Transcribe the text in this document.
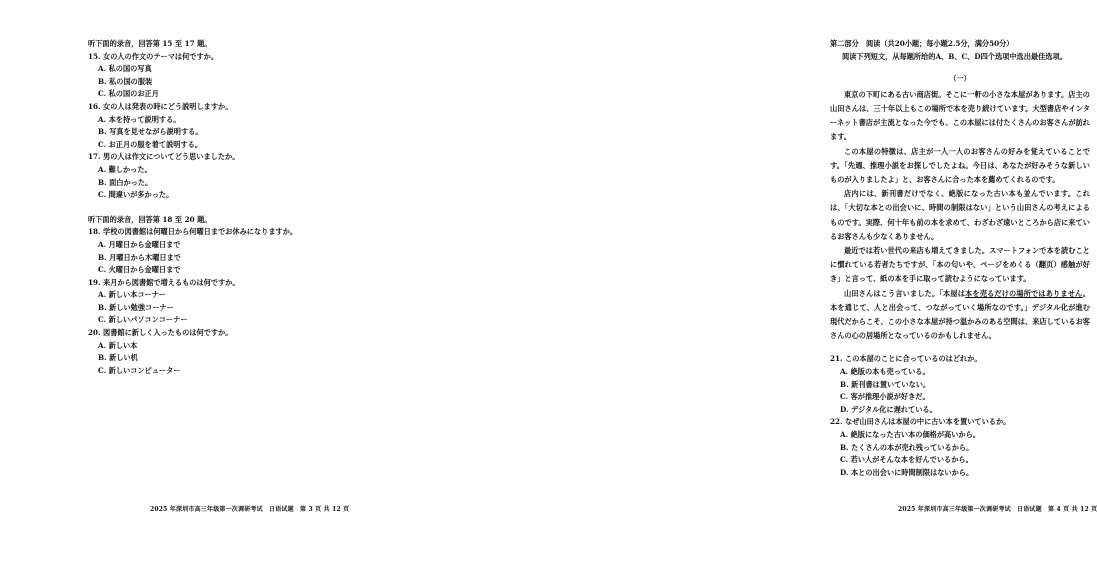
听下面的录音，回答第 15 至 17 题。
15. 女の人の作文のテーマは何ですか。
A. 私の国の写真
B. 私の国の服装
C. 私の国のお正月
16. 女の人は発表の時にどう説明しますか。
A. 本を持って説明する。
B. 写真を見せながら説明する。
C. お正月の服を着て説明する。
17. 男の人は作文についてどう思いましたか。
A. 難しかった。
B. 面白かった。
C. 間違いが多かった。
听下面的录音，回答第 18 至 20 题。
18. 学校の図書館は何曜日から何曜日までお休みになりますか。
A. 月曜日から金曜日まで
B. 月曜日から木曜日まで
C. 火曜日から金曜日まで
19. 来月から図書館で増えるものは何ですか。
A. 新しい本コーナー
B. 新しい勉強コーナー
C. 新しいパソコンコーナー
20. 図書館に新しく入ったものは何ですか。
A. 新しい本
B. 新しい机
C. 新しいコンピューター
2025 年深圳市高三年级第一次调研考试　日语试题　第 3 页 共 12 页
第二部分　阅读（共20小题；每小题2.5分，满分50分）
阅读下列短文，从每题所给的A、B、C、D四个选项中选出最佳选项。
（一）
東京の下町にある古い商店街。そこに一軒の小さな本屋があります。店主の山田さんは、三十年以上もこの場所で本を売り続けています。大型書店やインターネット書店が主流となった今でも、この本屋には付たくさんのお客さんが訪れます。
この本屋の特徴は、店主が一人一人のお客さんの好みを覚えていることです。「先週、推理小説をお探しでしたよね。今日は、あなたが好みそうな新しいものが入りましたよ」と、お客さんに合った本を薦めてくれるのです。
店内には、新刊書だけでなく、絶版になった古い本も並んでいます。これは、「大切な本との出会いに、時間の制限はない」という山田さんの考えによるものです。実際、何十年も前の本を求めて、わざわざ遠いところから店に来ているお客さんも少なくありません。
最近では若い世代の来店も増えてきました。スマートフォンで本を読むことに慣れている若者たちですが、「本の匂いや、ページをめくる（翻页）感触が好き」と言って、紙の本を手に取って読むようになっています。
山田さんはこう言いました。「本屋は本を売るだけの場所ではありません。本を通じて、人と出会って、つながっていく場所なのです。」デジタル化が進む現代だからこそ、この小さな本屋が持つ温かみのある空間は、来店しているお客さんの心の居場所となっているのかもしれません。
21. この本屋のことに合っているのはどれか。
A. 絶版の本も売っている。
B. 新刊書は置いていない。
C. 客が推理小説が好きだ。
D. デジタル化に遅れている。
22. なぜ山田さんは本屋の中に古い本を置いているか。
A. 絶版になった古い本の価格が高いから。
B. たくさんの本が売れ残っているから。
C. 若い人がそんな本を好んでいるから。
D. 本との出会いに時間制限はないから。
2025 年深圳市高三年级第一次调研考试　日语试题　第 4 页 共 12 页
